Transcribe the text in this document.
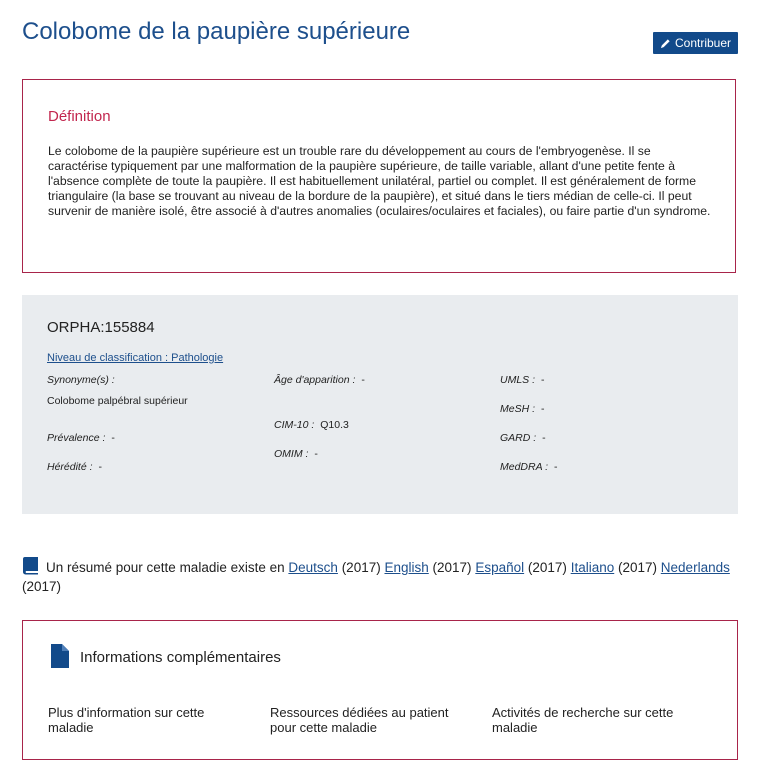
Colobome de la paupière supérieure	Contribuer
Définition
Le colobome de la paupière supérieure est un trouble rare du développement au cours de l'embryogenèse. Il se caractérise typiquement par une malformation de la paupière supérieure, de taille variable, allant d'une petite fente à l'absence complète de toute la paupière. Il est habituellement unilatéral, partiel ou complet. Il est généralement de forme triangulaire (la base se trouvant au niveau de la bordure de la paupière), et situé dans le tiers médian de celle-ci. Il peut survenir de manière isolé, être associé à d'autres anomalies (oculaires/oculaires et faciales), ou faire partie d'un syndrome.
ORPHA:155884
Niveau de classification : Pathologie
Synonyme(s) :
Colobome palpébral supérieur
Prévalence : -
Hérédité : -
Âge d'apparition : -
CIM-10 : Q10.3
OMIM : -
UMLS : -
MeSH : -
GARD : -
MedDRA : -
Un résumé pour cette maladie existe en Deutsch (2017) English (2017) Español (2017) Italiano (2017) Nederlands (2017)
Informations complémentaires
Plus d'information sur cette maladie
Ressources dédiées au patient pour cette maladie
Activités de recherche sur cette maladie
